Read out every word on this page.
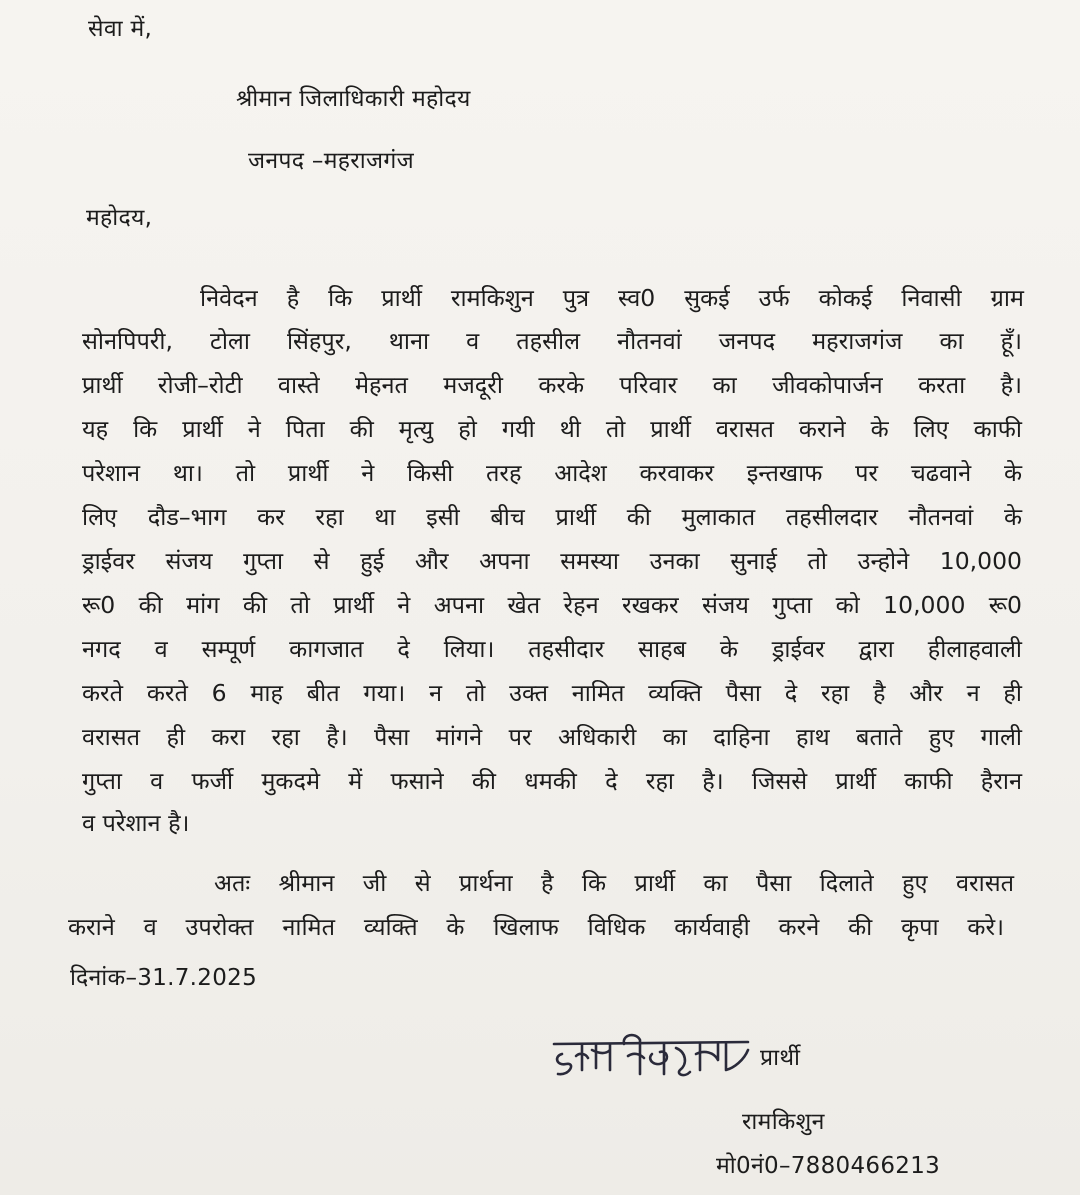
सेवा में,
श्रीमान जिलाधिकारी महोदय
जनपद –महराजगंज
महोदय,
निवेदन है कि प्रार्थी रामकिशुन पुत्र स्व0 सुकई उर्फ कोकई निवासी ग्राम
सोनपिपरी, टोला सिंहपुर, थाना व तहसील नौतनवां जनपद महराजगंज का हूँ।
प्रार्थी रोजी–रोटी वास्ते मेहनत मजदूरी करके परिवार का जीवकोपार्जन करता है।
यह कि प्रार्थी ने पिता की मृत्यु हो गयी थी तो प्रार्थी वरासत कराने के लिए काफी
परेशान था। तो प्रार्थी ने किसी तरह आदेश करवाकर इन्तखाफ पर चढवाने के
लिए दौड–भाग कर रहा था इसी बीच प्रार्थी की मुलाकात तहसीलदार नौतनवां के
ड्राईवर संजय गुप्ता से हुई और अपना समस्या उनका सुनाई तो उन्होने 10,000
रू0 की मांग की तो प्रार्थी ने अपना खेत रेहन रखकर संजय गुप्ता को 10,000 रू0
नगद व सम्पूर्ण कागजात दे लिया। तहसीदार साहब के ड्राईवर द्वारा हीलाहवाली
करते करते 6 माह बीत गया। न तो उक्त नामित व्यक्ति पैसा दे रहा है और न ही
वरासत ही करा रहा है। पैसा मांगने पर अधिकारी का दाहिना हाथ बताते हुए गाली
गुप्ता व फर्जी मुकदमे में फसाने की धमकी दे रहा है। जिससे प्रार्थी काफी हैरान
व परेशान है।
अतः श्रीमान जी से प्रार्थना है कि प्रार्थी का पैसा दिलाते हुए वरासत
कराने व उपरोक्त नामित व्यक्ति के खिलाफ विधिक कार्यवाही करने की कृपा करे।
दिनांक–31.7.2025
प्रार्थी
रामकिशुन
मो0नं0–7880466213
